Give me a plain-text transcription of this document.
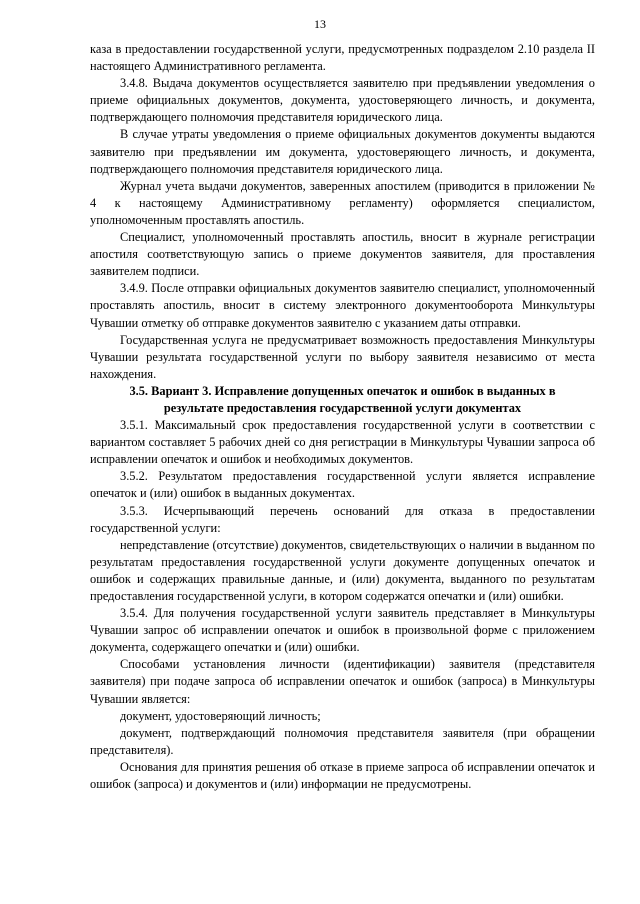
13

каза в предоставлении государственной услуги, предусмотренных подразделом 2.10 раздела II настоящего Административного регламента.

3.4.8. Выдача документов осуществляется заявителю при предъявлении уведомления о приеме официальных документов, документа, удостоверяющего личность, и документа, подтверждающего полномочия представителя юридического лица.

В случае утраты уведомления о приеме официальных документов документы выдаются заявителю при предъявлении им документа, удостоверяющего личность, и документа, подтверждающего полномочия представителя юридического лица.

Журнал учета выдачи документов, заверенных апостилем (приводится в приложении № 4 к настоящему Административному регламенту) оформляется специалистом, уполномоченным проставлять апостиль.

Специалист, уполномоченный проставлять апостиль, вносит в журнале регистрации апостиля соответствующую запись о приеме документов заявителя, для проставления заявителем подписи.

3.4.9. После отправки официальных документов заявителю специалист, уполномоченный проставлять апостиль, вносит в систему электронного документооборота Минкультуры Чувашии отметку об отправке документов заявителю с указанием даты отправки.

Государственная услуга не предусматривает возможность предоставления Минкультуры Чувашии результата государственной услуги по выбору заявителя независимо от места нахождения.

3.5. Вариант 3. Исправление допущенных опечаток и ошибок в выданных в
результате предоставления государственной услуги документах

3.5.1. Максимальный срок предоставления государственной услуги в соответствии с вариантом составляет 5 рабочих дней со дня регистрации в Минкультуры Чувашии запроса об исправлении опечаток и ошибок и необходимых документов.

3.5.2. Результатом предоставления государственной услуги является исправление опечаток и (или) ошибок в выданных документах.

3.5.3. Исчерпывающий перечень оснований для отказа в предоставлении государственной услуги:

непредставление (отсутствие) документов, свидетельствующих о наличии в выданном по результатам предоставления государственной услуги документе допущенных опечаток и ошибок и содержащих правильные данные, и (или) документа, выданного по результатам предоставления государственной услуги, в котором содержатся опечатки и (или) ошибки.

3.5.4. Для получения государственной услуги заявитель представляет в Минкультуры Чувашии запрос об исправлении опечаток и ошибок в произвольной форме с приложением документа, содержащего опечатки и (или) ошибки.

Способами установления личности (идентификации) заявителя (представителя заявителя) при подаче запроса об исправлении опечаток и ошибок (запроса) в Минкультуры Чувашии является:

документ, удостоверяющий личность;

документ, подтверждающий полномочия представителя заявителя (при обращении представителя).

Основания для принятия решения об отказе в приеме запроса об исправлении опечаток и ошибок (запроса) и документов и (или) информации не предусмотрены.
